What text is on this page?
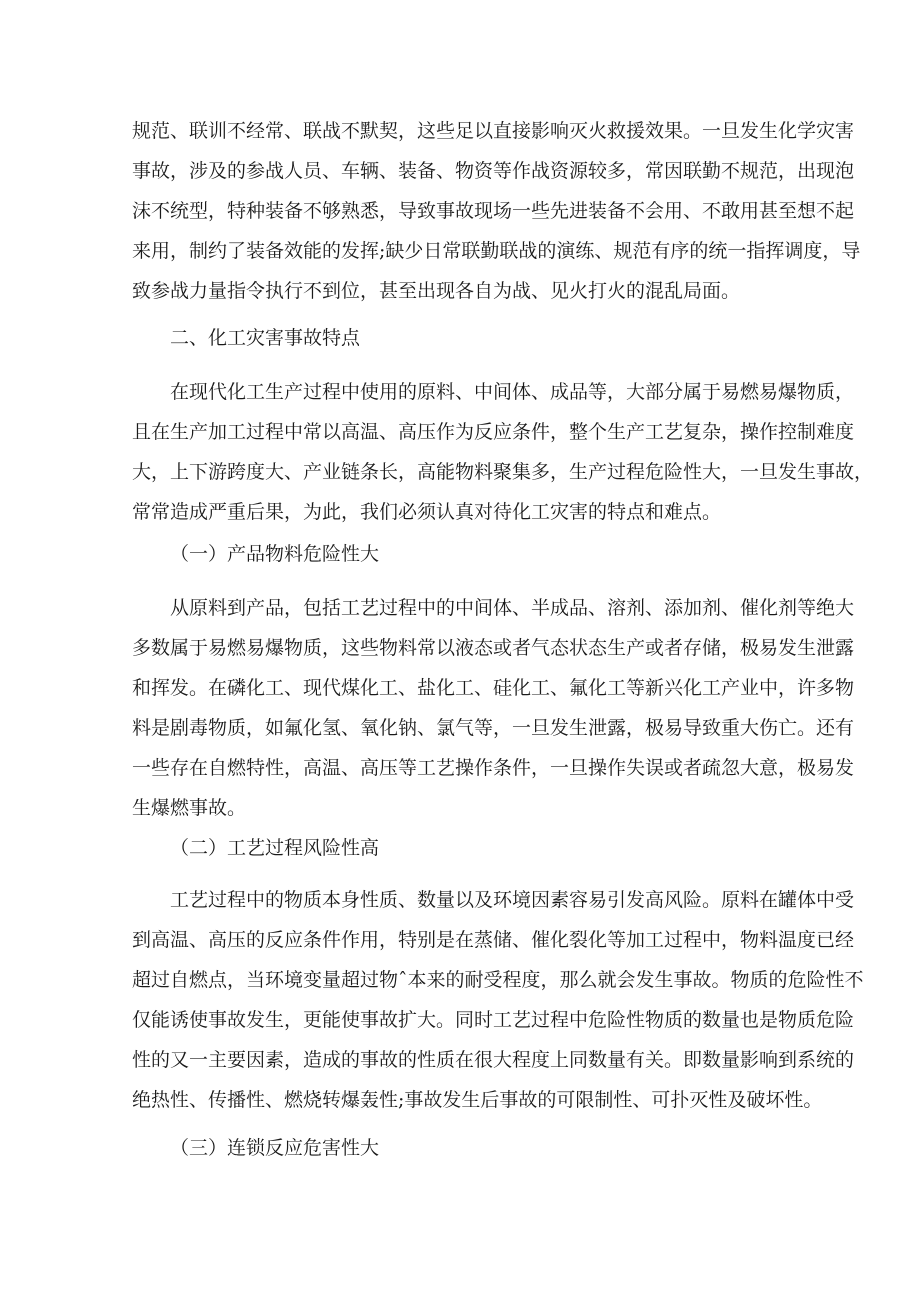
规范、联训不经常、联战不默契，这些足以直接影响灭火救援效果。一旦发生化学灾害

事故，涉及的参战人员、车辆、装备、物资等作战资源较多，常因联勤不规范，出现泡

沫不统型，特种装备不够熟悉，导致事故现场一些先进装备不会用、不敢用甚至想不起

来用，制约了装备效能的发挥;缺少日常联勤联战的演练、规范有序的统一指挥调度，导

致参战力量指令执行不到位，甚至出现各自为战、见火打火的混乱局面。

二、化工灾害事故特点

在现代化工生产过程中使用的原料、中间体、成品等，大部分属于易燃易爆物质，

且在生产加工过程中常以高温、高压作为反应条件，整个生产工艺复杂，操作控制难度

大，上下游跨度大、产业链条长，高能物料聚集多，生产过程危险性大，一旦发生事故，

常常造成严重后果，为此，我们必须认真对待化工灾害的特点和难点。

（一）产品物料危险性大

从原料到产品，包括工艺过程中的中间体、半成品、溶剂、添加剂、催化剂等绝大

多数属于易燃易爆物质，这些物料常以液态或者气态状态生产或者存储，极易发生泄露

和挥发。在磷化工、现代煤化工、盐化工、硅化工、氟化工等新兴化工产业中，许多物

料是剧毒物质，如氟化氢、氧化钠、氯气等，一旦发生泄露，极易导致重大伤亡。还有

一些存在自燃特性，高温、高压等工艺操作条件，一旦操作失误或者疏忽大意，极易发

生爆燃事故。

（二）工艺过程风险性高

工艺过程中的物质本身性质、数量以及环境因素容易引发高风险。原料在罐体中受

到高温、高压的反应条件作用，特别是在蒸储、催化裂化等加工过程中，物料温度已经

超过自燃点，当环境变量超过物ˆ本来的耐受程度，那么就会发生事故。物质的危险性不

仅能诱使事故发生，更能使事故扩大。同时工艺过程中危险性物质的数量也是物质危险

性的又一主要因素，造成的事故的性质在很大程度上同数量有关。即数量影响到系统的

绝热性、传播性、燃烧转爆轰性;事故发生后事故的可限制性、可扑灭性及破坏性。

（三）连锁反应危害性大
